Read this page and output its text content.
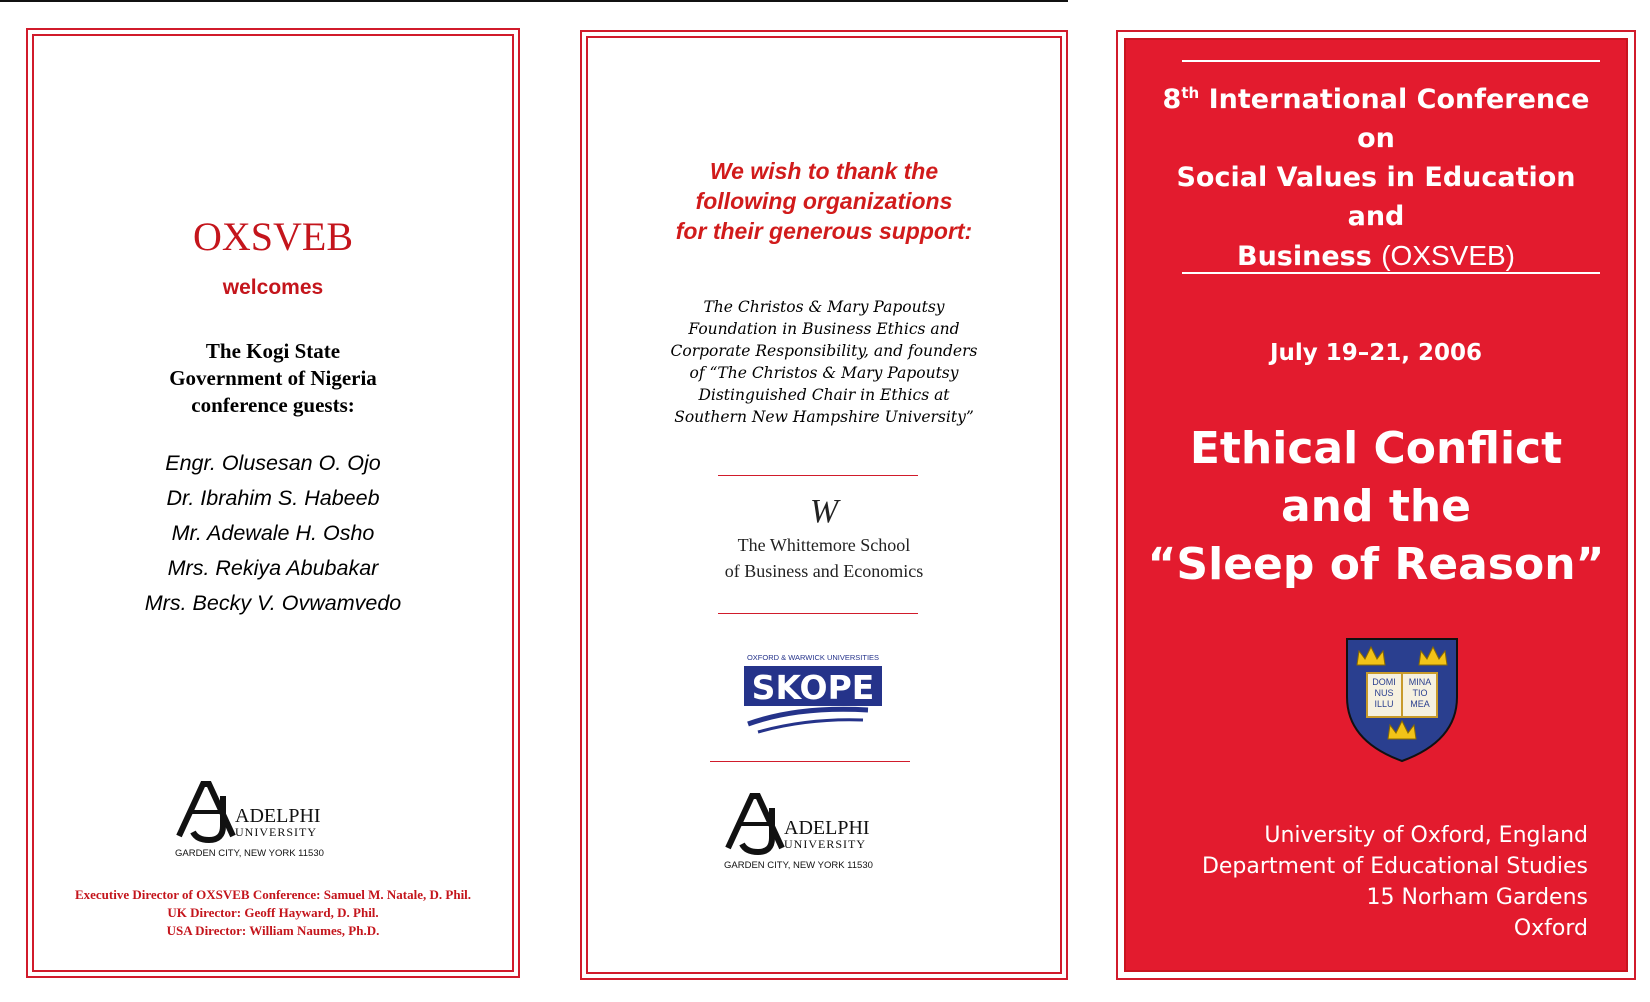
OXSVEB
welcomes
The Kogi State
Government of Nigeria
conference guests:
Engr. Olusesan O. Ojo
Dr. Ibrahim S. Habeeb
Mr. Adewale H. Osho
Mrs. Rekiya Abubakar
Mrs. Becky V. Ovwamvedo
ADELPHI
UNIVERSITY
GARDEN CITY, NEW YORK 11530
Executive Director of OXSVEB Conference: Samuel M. Natale, D. Phil.
UK Director: Geoff Hayward, D. Phil.
USA Director: William Naumes, Ph.D.
We wish to thank the
following organizations
for their generous support:
The Christos & Mary Papoutsy
Foundation in Business Ethics and
Corporate Responsibility, and founders
of “The Christos & Mary Papoutsy
Distinguished Chair in Ethics at
Southern New Hampshire University”
W
The Whittemore School
of Business and Economics
OXFORD & WARWICK UNIVERSITIES
SKOPE
ADELPHI
UNIVERSITY
GARDEN CITY, NEW YORK 11530
8th International Conference
on
Social Values in Education
and
Business (OXSVEB)
July 19–21, 2006
Ethical Conflict
and the
“Sleep of Reason”
DOMI
NUS
ILLU
MINA
TIO
MEA
University of Oxford, England
Department of Educational Studies
15 Norham Gardens
Oxford
